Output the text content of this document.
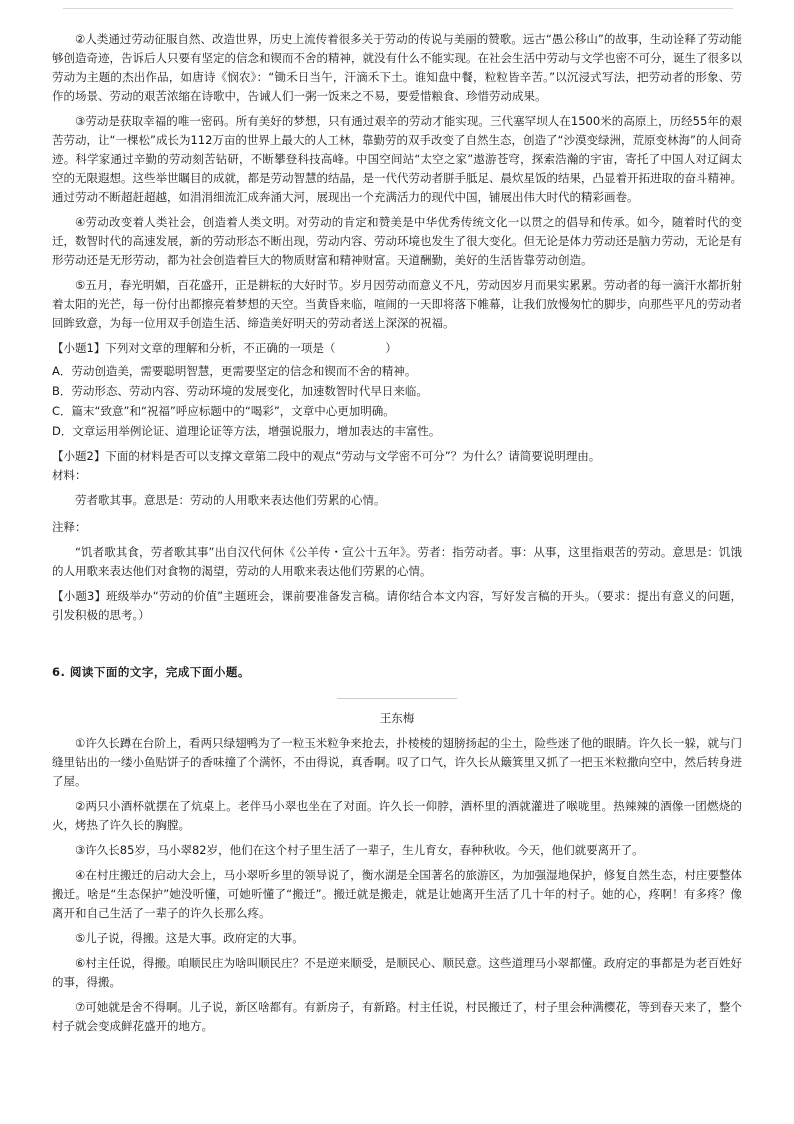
②人类通过劳动征服自然、改造世界，历史上流传着很多关于劳动的传说与美丽的赞歌。远古“愚公移山”的故事，生动诠释了劳动能够创造奇迹，告诉后人只要有坚定的信念和锲而不舍的精神，就没有什么不能实现。在社会生活中劳动与文学也密不可分，诞生了很多以劳动为主题的杰出作品，如唐诗《悯农》：“锄禾日当午，汗滴禾下土。谁知盘中餐，粒粒皆辛苦。”以沉浸式写法，把劳动者的形象、劳作的场景、劳动的艰苦浓缩在诗歌中，告诫人们一粥一饭来之不易，要爱惜粮食、珍惜劳动成果。

③劳动是获取幸福的唯一密码。所有美好的梦想，只有通过艰辛的劳动才能实现。三代塞罕坝人在1500米的高原上，历经55年的艰苦劳动，让“一棵松”成长为112万亩的世界上最大的人工林，靠勤劳的双手改变了自然生态，创造了“沙漠变绿洲，荒原变林海”的人间奇迹。科学家通过辛勤的劳动刻苦钻研，不断攀登科技高峰。中国空间站“太空之家”遨游苍穹，探索浩瀚的宇宙，寄托了中国人对辽阔太空的无限遐想。这些举世瞩目的成就，都是劳动智慧的结晶，是一代代劳动者胼手胝足、晨炊星饭的结果，凸显着开拓进取的奋斗精神。通过劳动不断超赶超越，如涓涓细流汇成奔涌大河，展现出一个充满活力的现代中国，铺展出伟大时代的精彩画卷。

④劳动改变着人类社会，创造着人类文明。对劳动的肯定和赞美是中华优秀传统文化一以贯之的倡导和传承。如今，随着时代的变迁，数智时代的高速发展，新的劳动形态不断出现，劳动内容、劳动环境也发生了很大变化。但无论是体力劳动还是脑力劳动，无论是有形劳动还是无形劳动，都为社会创造着巨大的物质财富和精神财富。天道酬勤，美好的生活皆靠劳动创造。

⑤五月，春光明媚，百花盛开，正是耕耘的大好时节。岁月因劳动而意义不凡，劳动因岁月而果实累累。劳动者的每一滴汗水都折射着太阳的光芒，每一份付出都擦亮着梦想的天空。当黄昏来临，喧闹的一天即将落下帷幕，让我们放慢匆忙的脚步，向那些平凡的劳动者回眸致意，为每一位用双手创造生活、缔造美好明天的劳动者送上深深的祝福。

【小题1】下列对文章的理解和分析，不正确的一项是（	）

A．劳动创造美，需要聪明智慧，更需要坚定的信念和锲而不舍的精神。

B．劳动形态、劳动内容、劳动环境的发展变化，加速数智时代早日来临。

C．篇末“致意”和“祝福”呼应标题中的“喝彩”，文章中心更加明确。

D．文章运用举例论证、道理论证等方法，增强说服力，增加表达的丰富性。

【小题2】下面的材料是否可以支撑文章第二段中的观点“劳动与文学密不可分”？为什么？请简要说明理由。

材料：

劳者歌其事。意思是：劳动的人用歌来表达他们劳累的心情。

注释：

“饥者歌其食，劳者歌其事”出自汉代何休《公羊传・宣公十五年》。劳者：指劳动者。事：从事，这里指艰苦的劳动。意思是：饥饿的人用歌来表达他们对食物的渴望，劳动的人用歌来表达他们劳累的心情。

【小题3】班级举办“劳动的价值”主题班会，课前要准备发言稿。请你结合本文内容，写好发言稿的开头。（要求：提出有意义的问题，引发积极的思考。）

6. 阅读下面的文字，完成下面小题。
王东梅

①许久长蹲在台阶上，看两只绿翅鸭为了一粒玉米粒争来抢去，扑棱棱的翅膀扬起的尘土，险些迷了他的眼睛。许久长一躲，就与门缝里钻出的一缕小鱼贴饼子的香味撞了个满怀，不由得说，真香啊。叹了口气，许久长从簸箕里又抓了一把玉米粒撒向空中，然后转身进了屋。

②两只小酒杯就摆在了炕桌上。老伴马小翠也坐在了对面。许久长一仰脖，酒杯里的酒就灌进了喉咙里。热辣辣的酒像一团燃烧的火，烤热了许久长的胸膛。

③许久长85岁，马小翠82岁，他们在这个村子里生活了一辈子，生儿育女，春种秋收。今天，他们就要离开了。

④在村庄搬迁的启动大会上，马小翠听乡里的领导说了，衡水湖是全国著名的旅游区，为加强湿地保护，修复自然生态，村庄要整体搬迁。啥是“生态保护”她没听懂，可她听懂了“搬迁”。搬迁就是搬走，就是让她离开生活了几十年的村子。她的心，疼啊！有多疼？像离开和自己生活了一辈子的许久长那么疼。

⑤儿子说，得搬。这是大事。政府定的大事。

⑥村主任说，得搬。咱顺民庄为啥叫顺民庄？不是逆来顺受，是顺民心、顺民意。这些道理马小翠都懂。政府定的事都是为老百姓好的事，得搬。

⑦可她就是舍不得啊。儿子说，新区啥都有。有新房子，有新路。村主任说，村民搬迁了，村子里会种满樱花，等到春天来了，整个村子就会变成鲜花盛开的地方。
